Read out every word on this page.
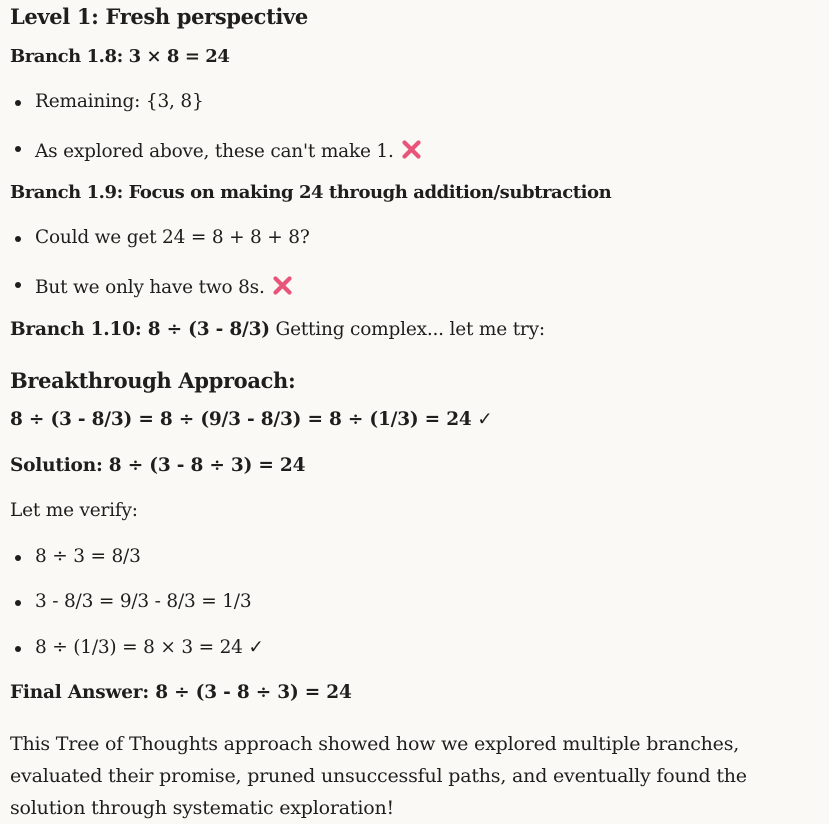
Level 1: Fresh perspective
Branch 1.8: 3 × 8 = 24
Remaining: {3, 8}
As explored above, these can't make 1.
Branch 1.9: Focus on making 24 through addition/subtraction
Could we get 24 = 8 + 8 + 8?
But we only have two 8s.
Branch 1.10: 8 ÷ (3 - 8/3) Getting complex... let me try:
Breakthrough Approach:
8 ÷ (3 - 8/3) = 8 ÷ (9/3 - 8/3) = 8 ÷ (1/3) = 24 ✓
Solution: 8 ÷ (3 - 8 ÷ 3) = 24
Let me verify:
8 ÷ 3 = 8/3
3 - 8/3 = 9/3 - 8/3 = 1/3
8 ÷ (1/3) = 8 × 3 = 24 ✓
Final Answer: 8 ÷ (3 - 8 ÷ 3) = 24
This Tree of Thoughts approach showed how we explored multiple branches, evaluated their promise, pruned unsuccessful paths, and eventually found the solution through systematic exploration!
